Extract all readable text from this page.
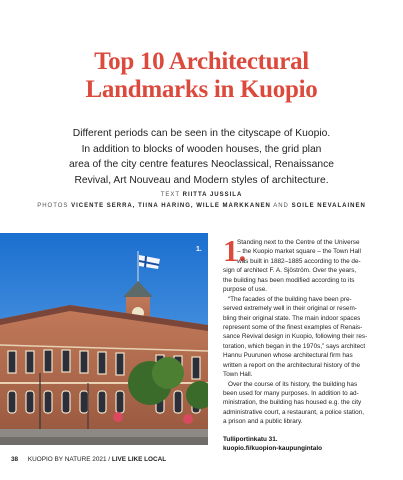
Top 10 Architectural
Landmarks in Kuopio
Different periods can be seen in the cityscape of Kuopio.
In addition to blocks of wooden houses, the grid plan
area of the city centre features Neoclassical, Renaissance
Revival, Art Nouveau and Modern styles of architecture.
TEXT RIITTA JUSSILA
PHOTOS VICENTE SERRA, TIINA HARING, WILLE MARKKANEN AND SOILE NEVALAINEN
1. 1.
Standing next to the Centre of the Universe
– the Kuopio market square – the Town Hall
was built in 1882–1885 according to the de-
sign of architect F. A. Sjöström. Over the years,
the building has been modified according to its
purpose of use.
“The facades of the building have been pre-
served extremely well in their original or resem-
bling their original state. The main indoor spaces
represent some of the finest examples of Renais-
sance Revival design in Kuopio, following their res-
toration, which began in the 1970s,” says architect
Hannu Puurunen whose architectural firm has
written a report on the architectural history of the
Town Hall.
Over the course of its history, the building has
been used for many purposes. In addition to ad-
ministration, the building has housed e.g. the city
administrative court, a restaurant, a police station,
a prison and a public library.
Tulliportinkatu 31.
kuopio.fi/kuopion-kaupungintalo
38 KUOPIO BY NATURE 2021 / LIVE LIKE LOCAL
